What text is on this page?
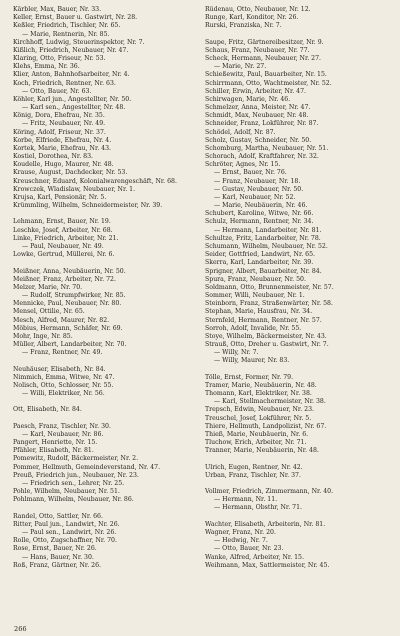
Kärbler, Max, Bauer, Nr. 33.
Keller, Ernst, Bauer u. Gastwirt, Nr. 28.
Keßler, Friedrich, Tischler, Nr. 65.
— Marie, Rentnerin, Nr. 85.
Kirchhoff, Ludwig, Steuerinspektor, Nr. 7.
Kißlich, Friedrich, Neubauer, Nr. 47.
Klaring, Otto, Friseur, Nr. 53.
Klehs, Emma, Nr. 36.
Klier, Anton, Bahnhofsarbeiter, Nr. 4.
Koch, Friedrich, Rentner, Nr. 63.
— Otto, Bauer, Nr. 63.
Köhler, Karl jun., Angestellter, Nr. 50.
— Karl sen., Angestellter, Nr. 48.
König, Dora, Ehefrau, Nr. 35.
— Fritz, Neubauer, Nr. 49.
Köring, Adolf, Friseur, Nr. 37.
Korbe, Elfriede, Ehefrau, Nr. 4.
Kortek, Marie, Ehefrau, Nr. 43.
Kostiel, Dorothea, Nr. 83.
Koudelle, Hugo, Maurer, Nr. 48.
Krause, August, Dachdecker, Nr. 53.
Kreuschner, Eduard, Kolonialwarengeschäft, Nr. 68.
Krowczek, Wladislaw, Neubauer, Nr. 1.
Krujsa, Karl, Pensionär, Nr. 5.
Krümmling, Wilhelm, Schneidermeister, Nr. 39.
Lehmann, Ernst, Bauer, Nr. 19.
Leschke, Josef, Arbeiter, Nr. 68.
Linke, Friedrich, Arbeiter, Nr. 21.
— Paul, Neubauer, Nr. 49.
Lowke, Gertrud, Müllerei, Nr. 6.
Meißner, Anna, Neubäuerin, Nr. 50.
Meißner, Franz, Arbeiter, Nr. 72.
Melzer, Marie, Nr. 70.
— Rudolf, Strumpfwirker, Nr. 85.
Mennicke, Paul, Neubauer, Nr. 80.
Mensel, Ottilie, Nr. 65.
Mesch, Alfred, Maurer, Nr. 82.
Möbius, Hermann, Schäfer, Nr. 69.
Mohr, Inge, Nr. 85.
Müller, Albert, Landarbeiter, Nr. 70.
— Franz, Rentner, Nr. 49.
Neuhäuser, Elisabeth, Nr. 84.
Nimmich, Emma, Witwe, Nr. 47.
Nolisch, Otto, Schlosser, Nr. 55.
— Willi, Elektriker, Nr. 56.
Ott, Elisabeth, Nr. 84.
Paesch, Franz, Tischler, Nr. 30.
— Karl, Neubauer, Nr. 86.
Pangert, Henriette, Nr. 15.
Pfähler, Elisabeth, Nr. 81.
Pomewitz, Rudolf, Bäckermeister, Nr. 2.
Pommer, Hellmuth, Gemeindeverstand, Nr. 47.
Preuß, Friedrich jun., Neubauer, Nr. 23.
— Friedrich sen., Lehrer, Nr. 25.
Pohle, Wilhelm, Neubauer, Nr. 51.
Pohlmann, Wilhelm, Neubauer, Nr. 86.
Randel, Otto, Sattler, Nr. 66.
Ritter, Paul jun., Landwirt, Nr. 26.
— Paul sen., Landwirt, Nr. 26.
Rolle, Otto, Zugschaffner, Nr. 70.
Rose, Ernst, Bauer, Nr. 26.
— Hans, Bauer, Nr. 30.
Roß, Franz, Gärtner, Nr. 26.
Rüdenau, Otto, Neubauer, Nr. 12.
Runge, Karl, Konditor, Nr. 26.
Rurski, Franziska, Nr. 7.
Saupe, Fritz, Gärtnereibesitzer, Nr. 9.
Schaus, Franz, Neubauer, Nr. 77.
Scheck, Hermann, Neubauer, Nr. 27.
— Marie, Nr. 27.
Schießewitz, Paul, Bauarbeiter, Nr. 15.
Schirrmann, Otto, Wachtmeister, Nr. 52.
Schiller, Erwin, Arbeiter, Nr. 47.
Schirwagen, Marie, Nr. 46.
Schmelzer, Anna, Meister, Nr. 47.
Schmidt, Max, Neubauer, Nr. 48.
Schneider, Franz, Lokführer, Nr. 87.
Schödel, Adolf, Nr. 87.
Scholz, Gustav, Schneider, Nr. 50.
Schomburg, Martha, Neubauer, Nr. 51.
Schorach, Adolf, Kraftfahrer, Nr. 32.
Schröter, Agnes, Nr. 15.
— Ernst, Bauer, Nr. 76.
— Franz, Neubauer, Nr. 18.
— Gustav, Neubauer, Nr. 50.
— Karl, Neubauer, Nr. 52.
— Marie, Neubäuerin, Nr. 46.
Schubert, Karoline, Witwe, Nr. 66.
Schulz, Hermann, Rentner, Nr. 34.
— Hermann, Landarbeiter, Nr. 81.
Schultze, Fritz, Landarbeiter, Nr. 78.
Schumann, Wilhelm, Neubauer, Nr. 52.
Seider, Gottfried, Landwirt, Nr. 65.
Skerra, Karl, Landarbeiter, Nr. 39.
Sprigner, Albert, Bauarbeiter, Nr. 84.
Spura, Franz, Neubauer, Nr. 50.
Soldmann, Otto, Brunnenmeister, Nr. 57.
Sommer, Willi, Neubauer, Nr. 1.
Steinborn, Franz, Straßenwärter, Nr. 58.
Stephan, Marie, Hausfrau, Nr. 34.
Sternfeld, Hermann, Rentner, Nr. 57.
Sorroh, Adolf, Invalide, Nr. 55.
Stoye, Wilhelm, Bäckermeister, Nr. 43.
Strauß, Otto, Dreher u. Gastwirt, Nr. 7.
— Willy, Nr. 7.
— Willy, Maurer, Nr. 83.
Tölle, Ernst, Former, Nr. 79.
Tramer, Marie, Neubäuerin, Nr. 48.
Thomann, Karl, Elektriker, Nr. 38.
— Karl, Stellmachermeister, Nr. 38.
Trepsch, Edwin, Neubauer, Nr. 23.
Treuschel, Josef, Lokführer, Nr. 5.
Thiere, Hellmuth, Landpolizist, Nr. 67.
Thieß, Marie, Neubäuerin, Nr. 6.
Tluchow, Erich, Arbeiter, Nr. 71.
Tranner, Marie, Neubäuerin, Nr. 48.
Ulrich, Eugen, Rentner, Nr. 42.
Urban, Franz, Tischler, Nr. 37.
Vollmer, Friedrich, Zimmermann, Nr. 40.
— Hermann, Nr. 11.
— Hermann, Obsthr, Nr. 71.
Wachter, Elisabeth, Arbeiterin, Nr. 81.
Wagner, Franz, Nr. 20.
— Hedwig, Nr. 7.
— Otto, Bauer, Nr. 23.
Wanke, Alfred, Arbeiter, Nr. 15.
Weihmann, Max, Sattlermeister, Nr. 45.
266
